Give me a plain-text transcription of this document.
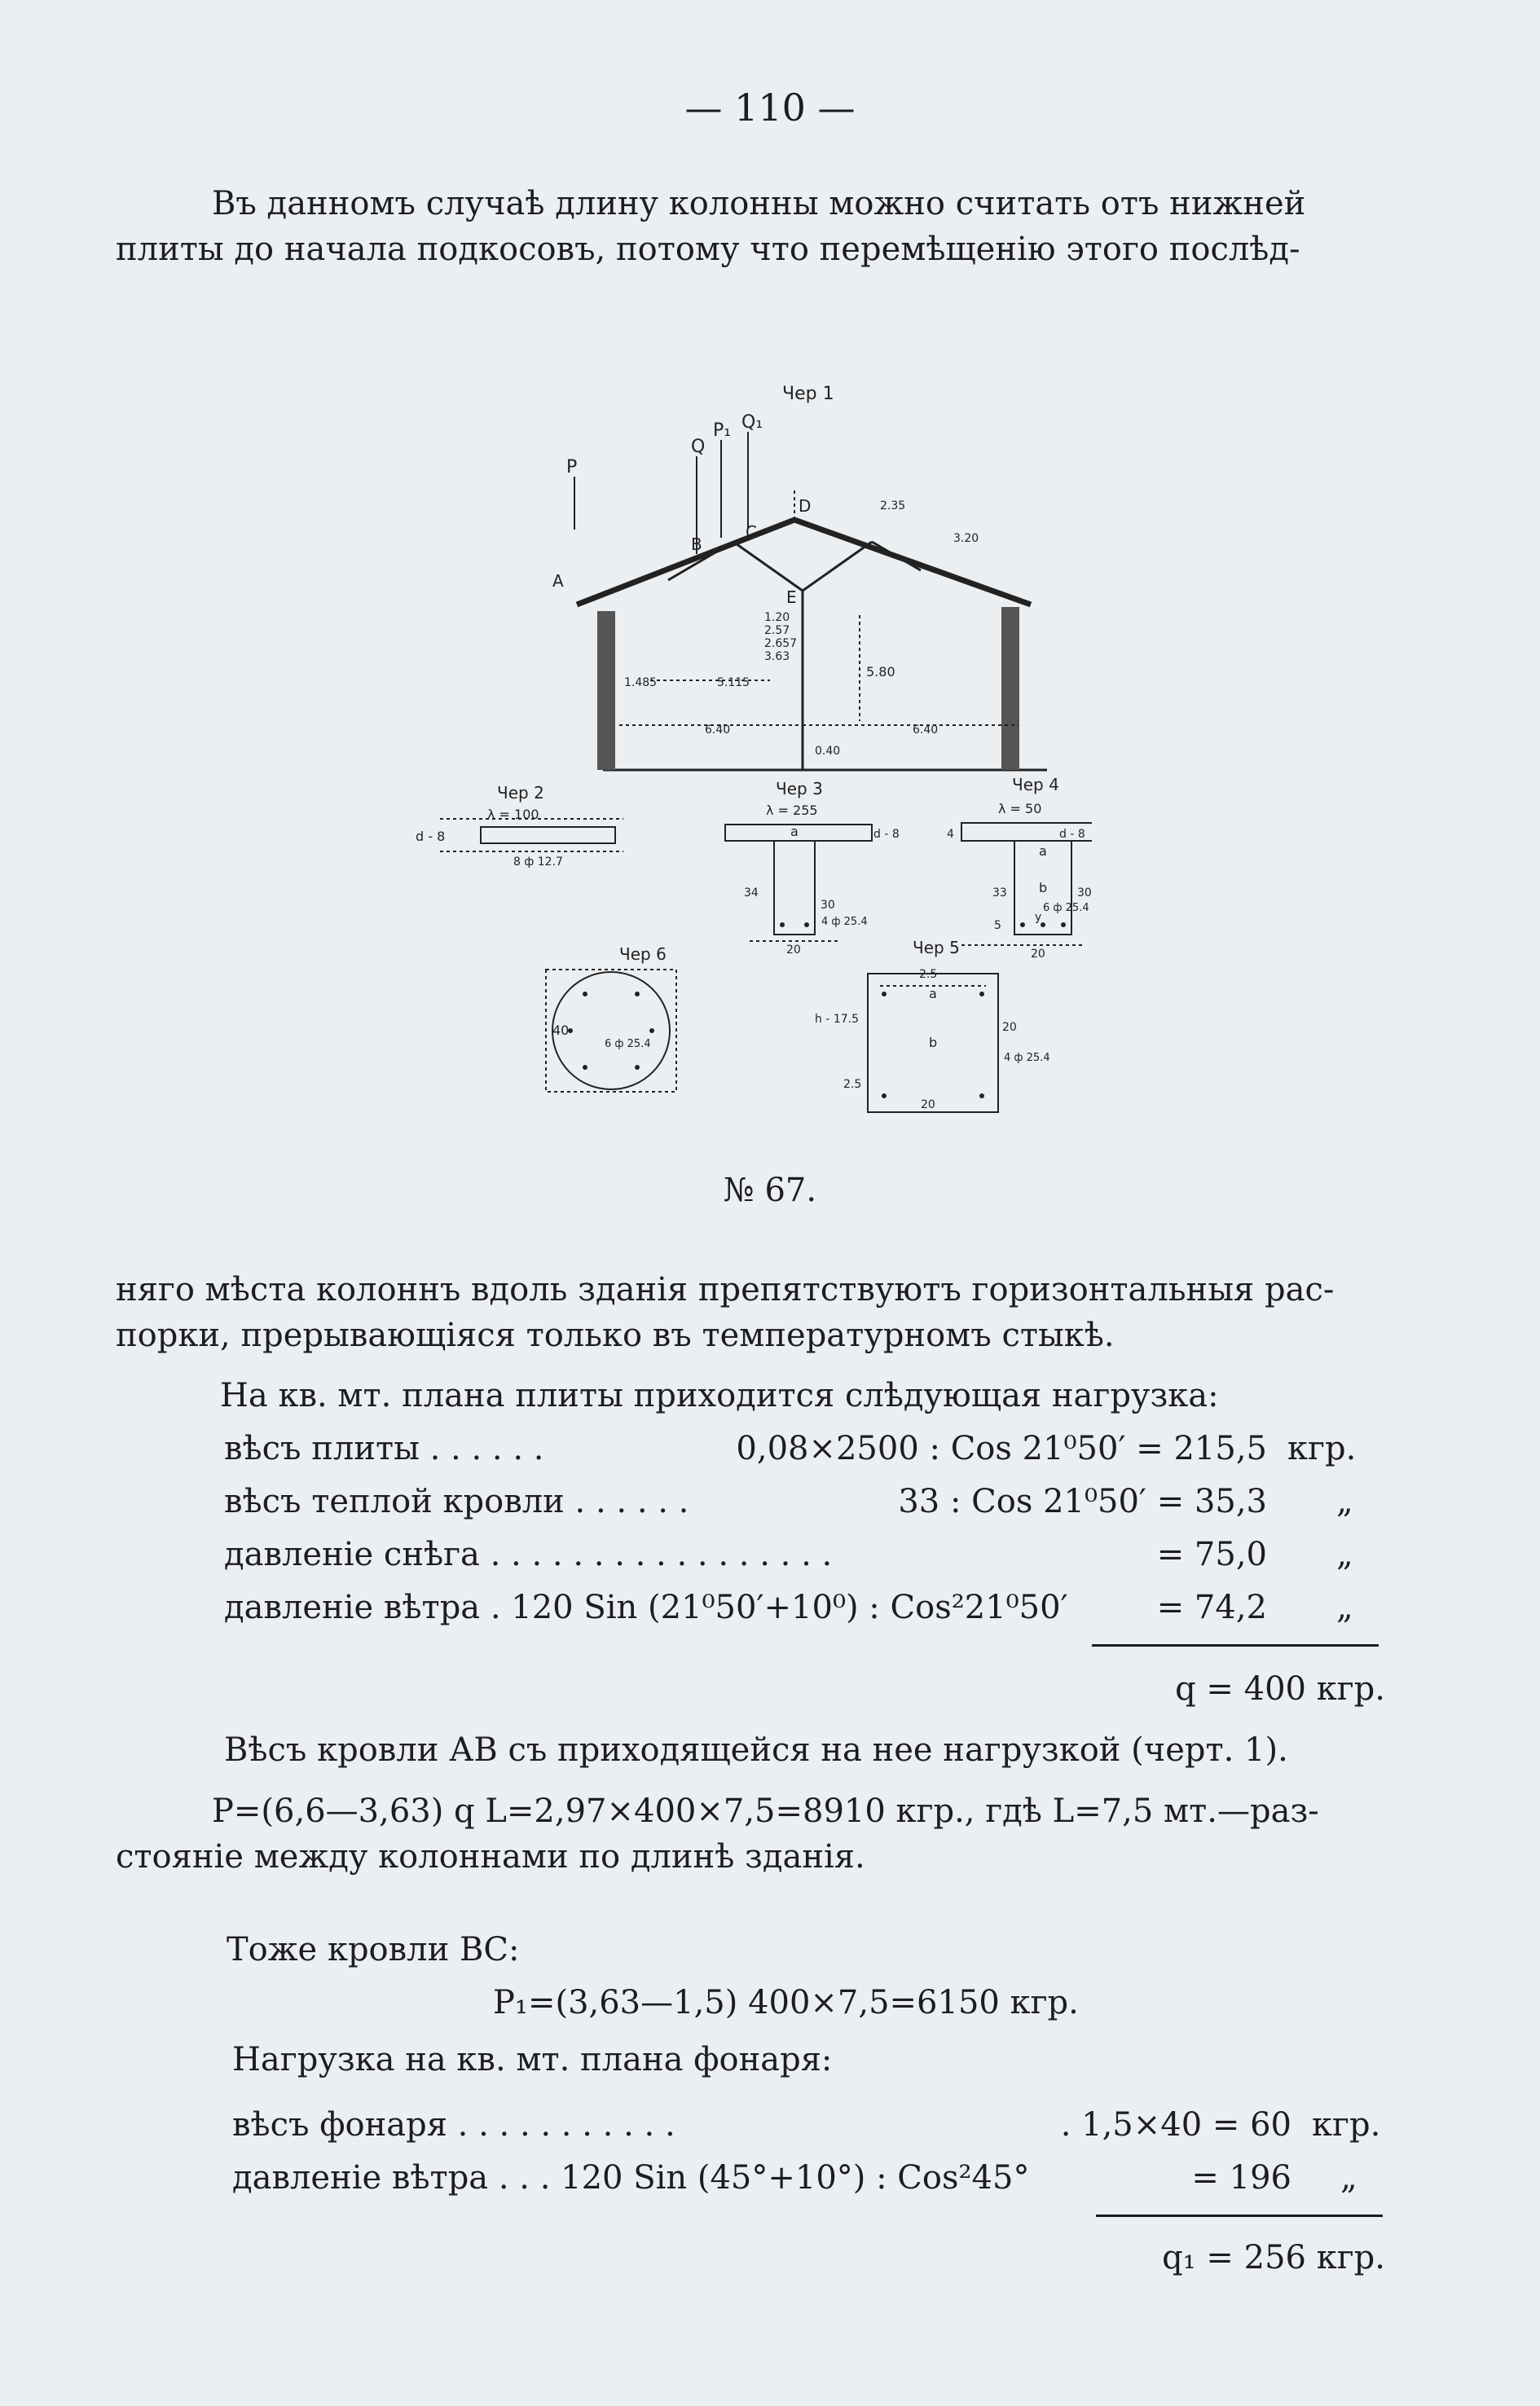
— 110 —

Въ данномъ случаѣ длину колонны можно считать отъ нижней

плиты до начала подкосовъ, потому что перемѣщенію этого послѣд-

Чер 1
A
B
C
D
E
P
Q
P₁ Q₁
1.20
2.57
2.657
3.63
5.115
1.485
6.40	6.40
0.40
5.80
2.35
3.20
Чер 2
λ = 100
d - 8
8 ф 12.7
Чер 3
λ = 255
d - 8
a
34
30
20
4 ф 25.4
Чер 4
λ = 50
d - 8
4
a
b
y
33	30
5
20
6 ф 25.4
Чер 5
2.5
a
b
h - 17.5
20
20
2.5
4 ф 25.4
Чер 6
40
6 ф 25.4
№ 67.

няго мѣста колоннъ вдоль зданія препятствуютъ горизонтальныя рас-

порки, прерывающіяся только въ температурномъ стыкѣ.

На кв. мт. плана плиты приходится слѣдующая нагрузка:
вѣсъ плиты . . . . . .	0,08×2500 : Cos 21⁰50′ = 215,5 кгр.
вѣсъ теплой кровли . . . . . .	33 : Cos 21⁰50′ = 35,3 „
давленіе снѣга . . . . . . . . . . . . . . . . .	= 75,0 „
давленіе вѣтра . 120 Sin (21⁰50′+10⁰) : Cos²21⁰50′	= 74,2 „
q = 400 кгр.
Вѣсъ кровли АВ съ приходящейся на нее нагрузкой (черт. 1).

P=(6,6—3,63) q L=2,97×400×7,5=8910 кгр., гдѣ L=7,5 мт.—раз-

стояніе между колоннами по длинѣ зданія.

Тоже кровли ВС:
P₁=(3,63—1,5) 400×7,5=6150 кгр.
Нагрузка на кв. мт. плана фонаря:
вѣсъ фонаря . . . . . . . . . . .	. 1,5×40 = 60 кгр.
давленіе вѣтра . . . 120 Sin (45°+10°) : Cos²45°	= 196 „
q₁ = 256 кгр.
